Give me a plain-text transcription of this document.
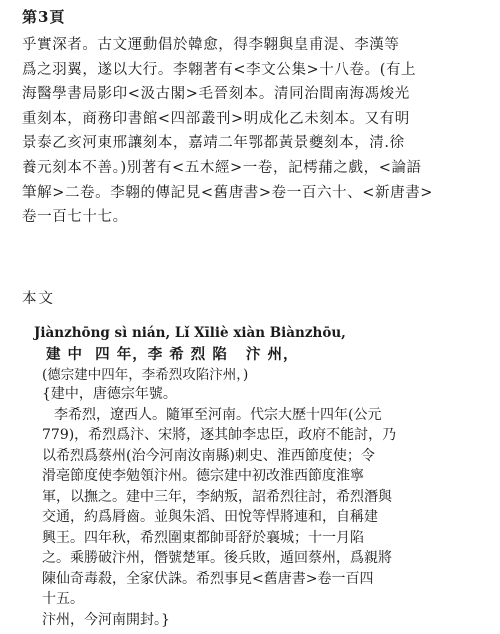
第3頁
乎實深者。古文運動倡於韓愈，得李翺與皇甫湜、李漢等
爲之羽翼，遂以大行。李翺著有<李文公集>十八卷。(有上
海醫學書局影印<汲古閣>毛晉刻本。清同治間南海馮焌光
重刻本，商務印書館<四部叢刊>明成化乙未刻本。又有明
景泰乙亥河東邢讓刻本，嘉靖二年鄂都黃景夔刻本，清.徐
養元刻本不善。)別著有<五木經>一卷，記樗蒱之戲，<論語
筆解>二卷。李翺的傳記見<舊唐書>卷一百六十、<新唐書>
卷一百七十七。
本文
Jiànzhōng sì nián, Lǐ Xīliè xiàn Biànzhōu,
建 中  四 年，李 希 烈 陷   汴 州，
(德宗建中四年，李希烈攻陷汴州，)
{建中，唐德宗年號。
李希烈，遼西人。隨軍至河南。代宗大歷十四年(公元
779)，希烈爲汴、宋將，逐其帥李忠臣，政府不能討，乃
以希烈爲蔡州(治今河南汝南縣)刺史、淮西節度使；令
滑亳節度使李勉領汴州。德宗建中初改淮西節度淮寧
軍，以撫之。建中三年，李納叛，詔希烈往討，希烈潛與
交通，約爲脣齒。並與朱滔、田悅等悍將連和，自稱建
興王。四年秋，希烈圍東都帥哥舒於襄城；十一月陷
之。乘勝破汴州，僭號楚軍。後兵敗，遁回蔡州，爲親將
陳仙奇毒殺，全家伏誅。希烈事見<舊唐書>卷一百四
十五。
汴州，今河南開封。}
